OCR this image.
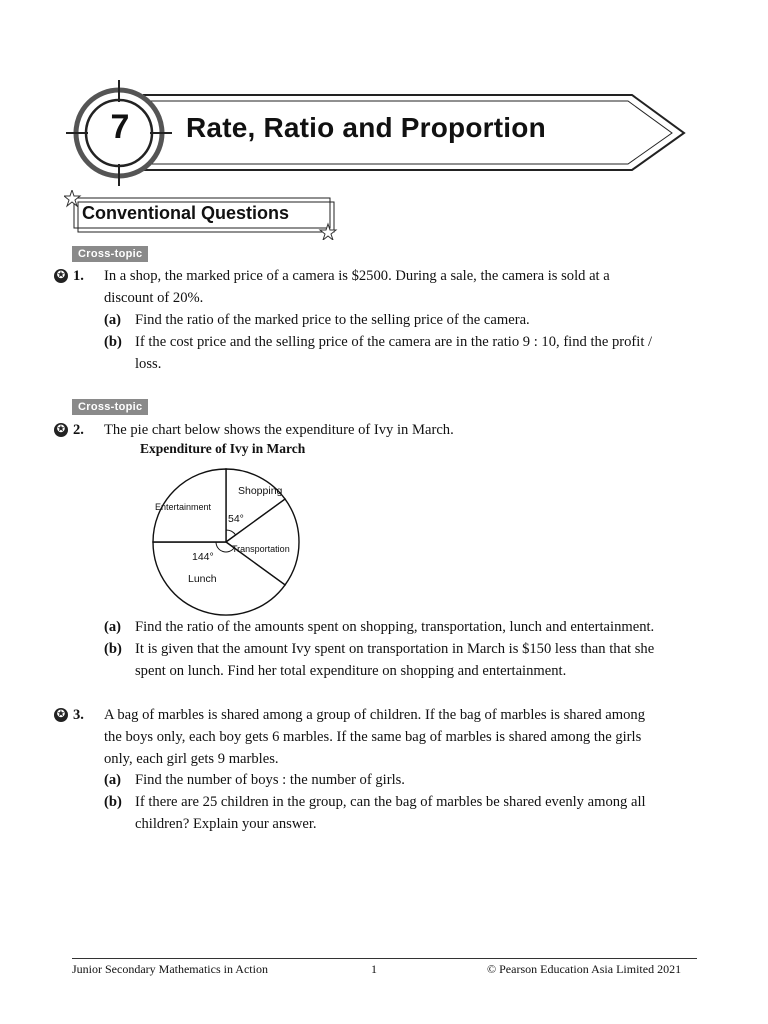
7	Rate, Ratio and Proportion
Conventional Questions
Cross-topic
✪ 1. In a shop, the marked price of a camera is $2500. During a sale, the camera is sold at a
discount of 20%.
(a) Find the ratio of the marked price to the selling price of the camera.
(b) If the cost price and the selling price of the camera are in the ratio 9 : 10, find the profit /
loss.
Cross-topic
✪ 2. The pie chart below shows the expenditure of Ivy in March.
Expenditure of Ivy in March
54°
Shopping
Transportation
144°
Lunch
Entertainment
(a) Find the ratio of the amounts spent on shopping, transportation, lunch and entertainment.
(b) It is given that the amount Ivy spent on transportation in March is $150 less than that she
spent on lunch. Find her total expenditure on shopping and entertainment.
✪ 3. A bag of marbles is shared among a group of children. If the bag of marbles is shared among
the boys only, each boy gets 6 marbles. If the same bag of marbles is shared among the girls
only, each girl gets 9 marbles.
(a) Find the number of boys : the number of girls.
(b) If there are 25 children in the group, can the bag of marbles be shared evenly among all
children? Explain your answer.
Junior Secondary Mathematics in Action	1	© Pearson Education Asia Limited 2021
